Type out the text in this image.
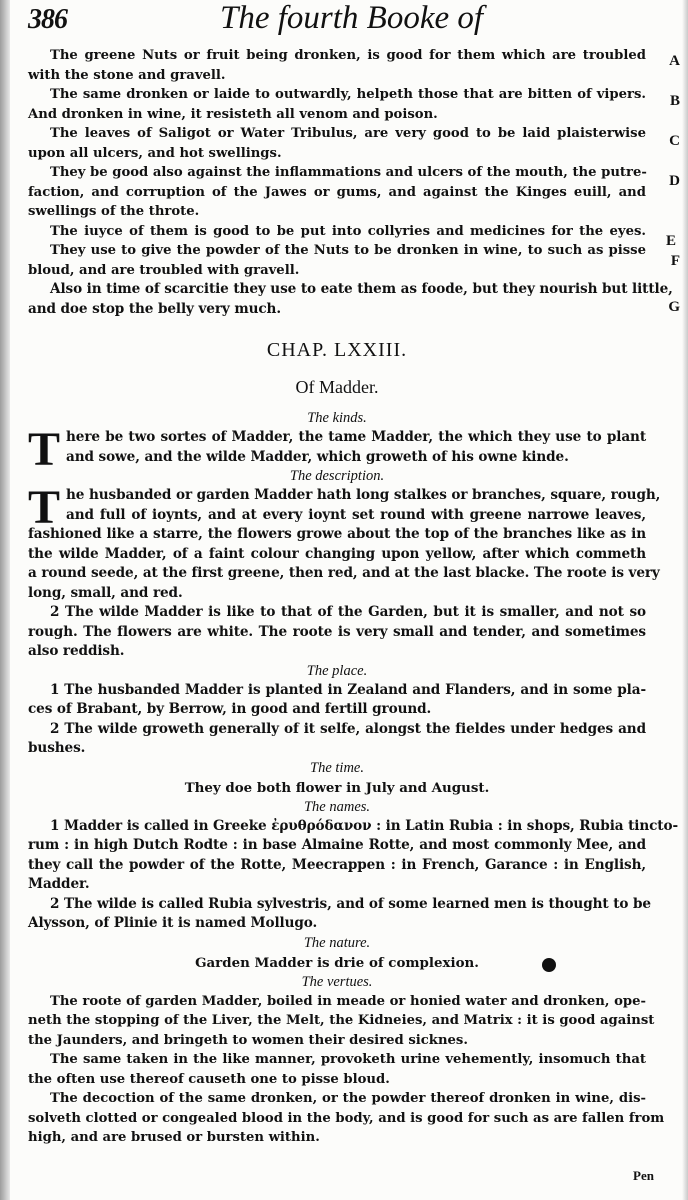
386	The fourth Booke of
A
B
C
D
E
F
G
The greene Nuts or fruit being dronken, is good for them which are troubled
with the stone and gravell.
The same dronken or laide to outwardly, helpeth those that are bitten of vipers.
And dronken in wine, it resisteth all venom and poison.
The leaves of Saligot or Water Tribulus, are very good to be laid plaisterwise
upon all ulcers, and hot swellings.
They be good also against the inflammations and ulcers of the mouth, the putre-
faction, and corruption of the Jawes or gums, and against the Kinges euill, and
swellings of the throte.
The iuyce of them is good to be put into collyries and medicines for the eyes.
They use to give the powder of the Nuts to be dronken in wine, to such as pisse
bloud, and are troubled with gravell.
Also in time of scarcitie they use to eate them as foode, but they nourish but little,
and doe stop the belly very much.
CHAP. LXXIII.
Of Madder.
The kinds.
T here be two sortes of Madder, the tame Madder, the which they use to plant
and sowe, and the wilde Madder, which groweth of his owne kinde.
The description.
T he husbanded or garden Madder hath long stalkes or branches, square, rough,
and full of ioynts, and at every ioynt set round with greene narrowe leaves,
fashioned like a starre, the flowers growe about the top of the branches like as in
the wilde Madder, of a faint colour changing upon yellow, after which commeth
a round seede, at the first greene, then red, and at the last blacke. The roote is very
long, small, and red.
2 The wilde Madder is like to that of the Garden, but it is smaller, and not so
rough. The flowers are white. The roote is very small and tender, and sometimes
also reddish.
The place.
1 The husbanded Madder is planted in Zealand and Flanders, and in some pla-
ces of Brabant, by Berrow, in good and fertill ground.
2 The wilde groweth generally of it selfe, alongst the fieldes under hedges and
bushes.
The time.
They doe both flower in July and August.
The names.
1 Madder is called in Greeke ἐρυθρόδανον : in Latin Rubia : in shops, Rubia tincto-
rum : in high Dutch Rodte : in base Almaine Rotte, and most commonly Mee, and
they call the powder of the Rotte, Meecrappen : in French, Garance : in English,
Madder.
2 The wilde is called Rubia sylvestris, and of some learned men is thought to be
Alysson, of Plinie it is named Mollugo.
The nature.
Garden Madder is drie of complexion.
The vertues.
The roote of garden Madder, boiled in meade or honied water and dronken, ope-
neth the stopping of the Liver, the Melt, the Kidneies, and Matrix : it is good against
the Jaunders, and bringeth to women their desired sicknes.
The same taken in the like manner, provoketh urine vehemently, insomuch that
the often use thereof causeth one to pisse bloud.
The decoction of the same dronken, or the powder thereof dronken in wine, dis-
solveth clotted or congealed blood in the body, and is good for such as are fallen from
high, and are brused or bursten within.
Pen
